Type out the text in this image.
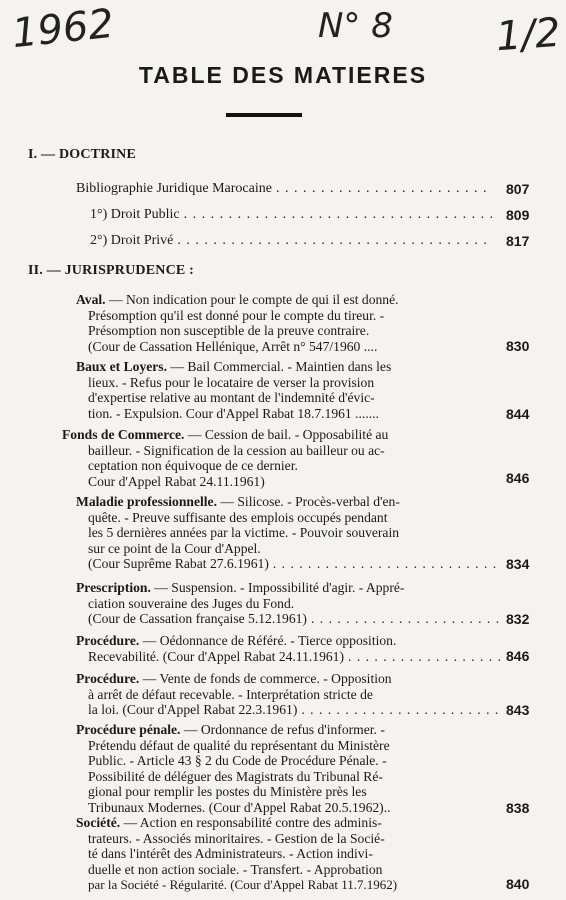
1962	N° 8	1/2
TABLE DES MATIERES
I. — DOCTRINE
Bibliographie Juridique Marocaine . . .	807
1°) Droit Public . . .	809
2°) Droit Privé . . .	817
II. — JURISPRUDENCE :
Aval. — Non indication pour le compte de qui il est donné.
Présomption qu'il est donné pour le compte du tireur. -
Présomption non susceptible de la preuve contraire.
(Cour de Cassation Hellénique, Arrêt n° 547/1960 ....	830
Baux et Loyers. — Bail Commercial. - Maintien dans les
lieux. - Refus pour le locataire de verser la provision
d'expertise relative au montant de l'indemnité d'évic-
tion. - Expulsion. Cour d'Appel Rabat 18.7.1961 .......	844
Fonds de Commerce. — Cession de bail. - Opposabilité au
bailleur. - Signification de la cession au bailleur ou ac-
ceptation non équivoque de ce dernier.
Cour d'Appel Rabat 24.11.1961)	846
Maladie professionnelle. — Silicose. - Procès-verbal d'en-
quête. - Preuve suffisante des emplois occupés pendant
les 5 dernières années par la victime. - Pouvoir souverain
sur ce point de la Cour d'Appel.
(Cour Suprême Rabat 27.6.1961) . . .	834
Prescription. — Suspension. - Impossibilité d'agir. - Appré-
ciation souveraine des Juges du Fond.
(Cour de Cassation française 5.12.1961) . . .	832
Procédure. — Oédonnance de Référé. - Tierce opposition.
Recevabilité. (Cour d'Appel Rabat 24.11.1961) . . .	846
Procédure. — Vente de fonds de commerce. - Opposition
à arrêt de défaut recevable. - Interprétation stricte de
la loi. (Cour d'Appel Rabat 22.3.1961) . . .	843
Procédure pénale. — Ordonnance de refus d'informer. -
Prétendu défaut de qualité du représentant du Ministère
Public. - Article 43 § 2 du Code de Procédure Pénale. -
Possibilité de déléguer des Magistrats du Tribunal Ré-
gional pour remplir les postes du Ministère près les
Tribunaux Modernes. (Cour d'Appel Rabat 20.5.1962)..	838
Société. — Action en responsabilité contre des adminis-
trateurs. - Associés minoritaires. - Gestion de la Socié-
té dans l'intérêt des Administrateurs. - Action indivi-
duelle et non action sociale. - Transfert. - Approbation
par la Société - Régularité. (Cour d'Appel Rabat 11.7.1962)	840
